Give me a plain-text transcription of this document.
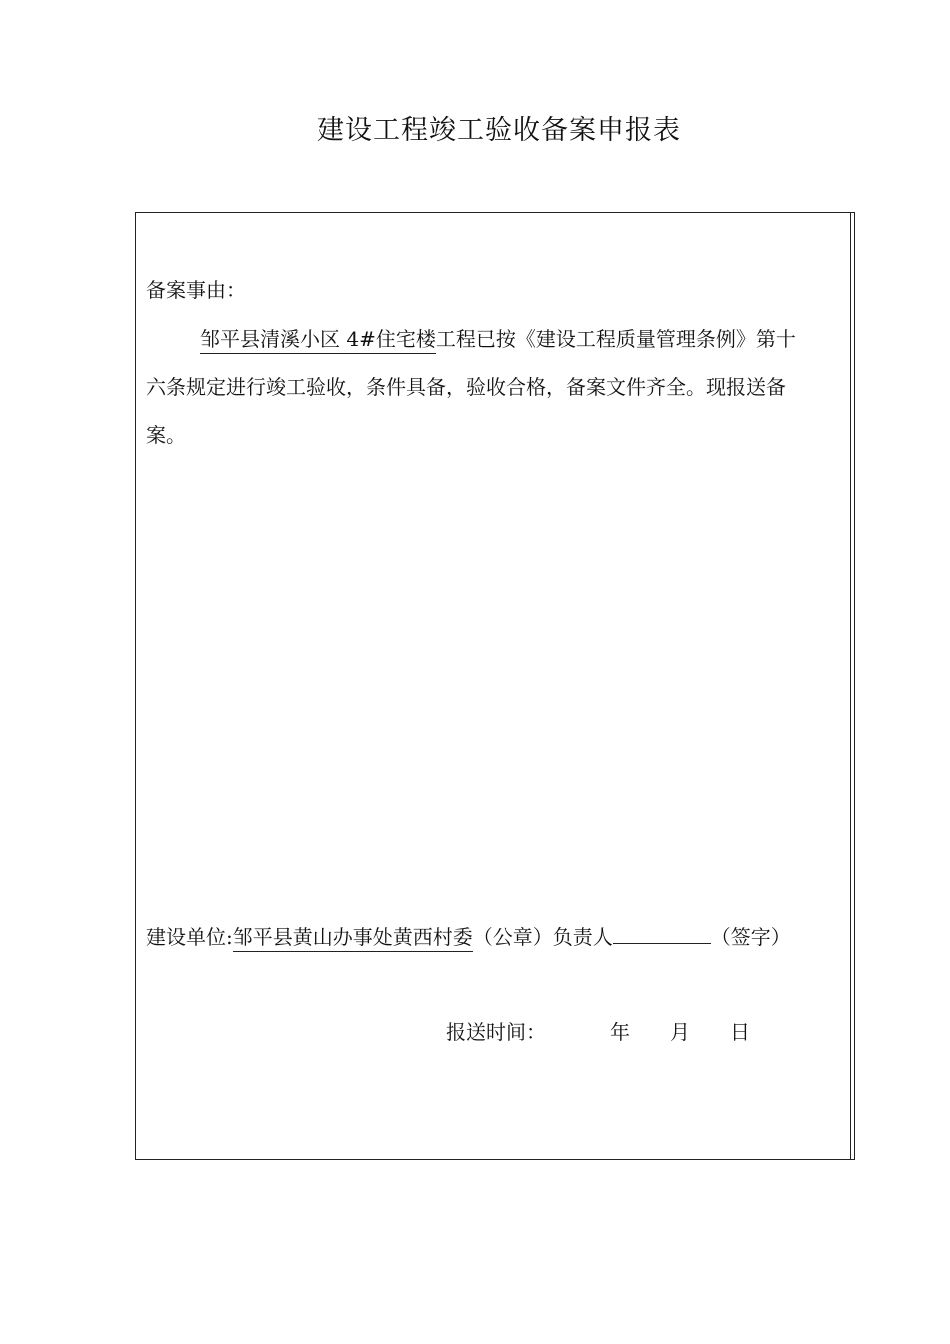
建设工程竣工验收备案申报表
备案事由：
邹平县清溪小区 4#住宅楼工程已按《建设工程质量管理条例》第十
六条规定进行竣工验收，条件具备，验收合格，备案文件齐全。现报送备
案。
建设单位:邹平县黄山办事处黄西村委（公章）负责人	（签字）
报送时间：	年 月 日
